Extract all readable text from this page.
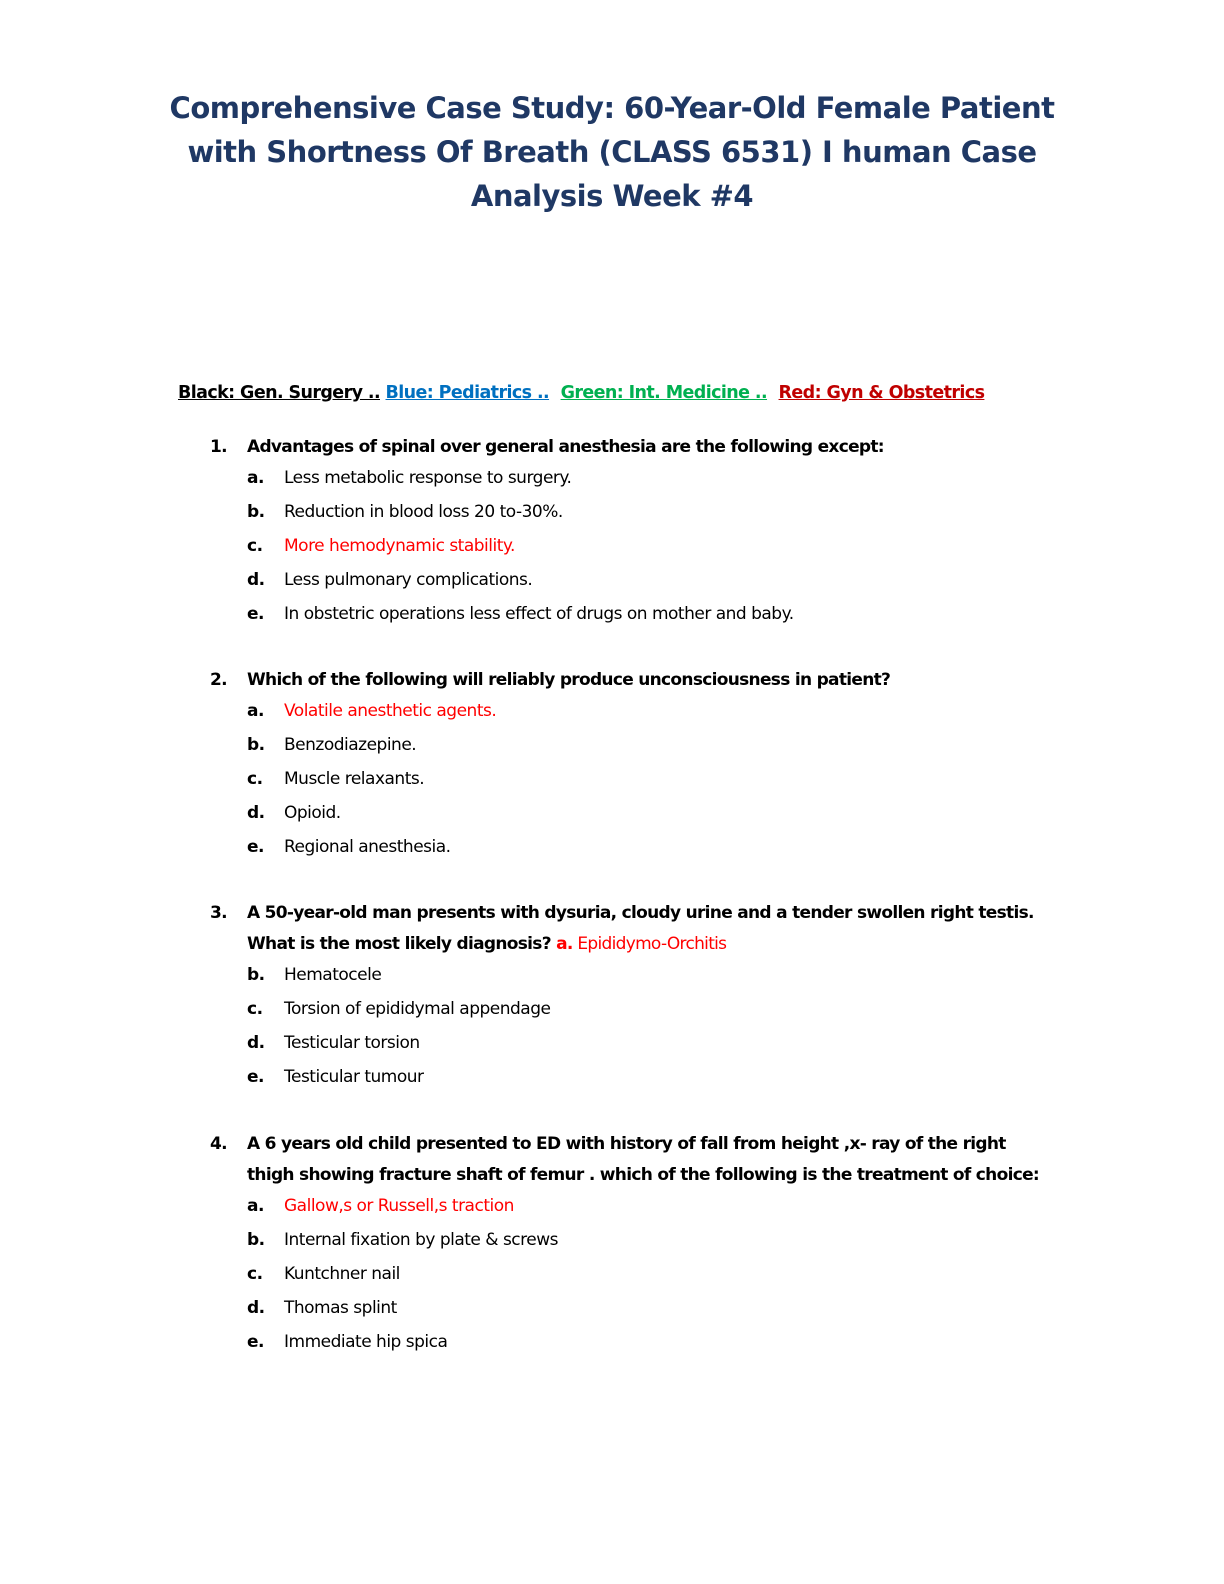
Comprehensive Case Study: 60-Year-Old Female Patient
with Shortness Of Breath (CLASS 6531) I human Case
Analysis Week #4
Black: Gen. Surgery .. Blue: Pediatrics .. Green: Int. Medicine .. Red: Gyn & Obstetrics
1. Advantages of spinal over general anesthesia are the following except:
a. Less metabolic response to surgery.
b. Reduction in blood loss 20 to-30%.
c. More hemodynamic stability.
d. Less pulmonary complications.
e. In obstetric operations less effect of drugs on mother and baby.
2. Which of the following will reliably produce unconsciousness in patient?
a. Volatile anesthetic agents.
b. Benzodiazepine.
c. Muscle relaxants.
d. Opioid.
e. Regional anesthesia.
3. A 50-year-old man presents with dysuria, cloudy urine and a tender swollen right testis.
What is the most likely diagnosis? a. Epididymo-Orchitis
b. Hematocele
c. Torsion of epididymal appendage
d. Testicular torsion
e. Testicular tumour
4. A 6 years old child presented to ED with history of fall from height ,x- ray of the right
thigh showing fracture shaft of femur . which of the following is the treatment of choice:
a. Gallow,s or Russell,s traction
b. Internal fixation by plate & screws
c. Kuntchner nail
d. Thomas splint
e. Immediate hip spica
